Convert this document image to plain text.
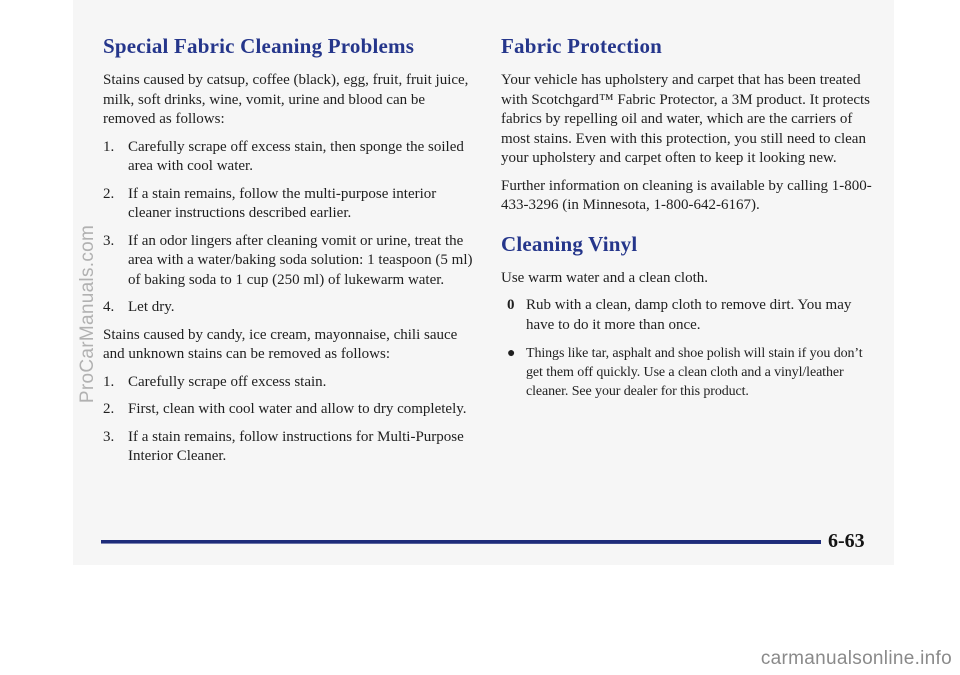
Special Fabric Cleaning Problems

Stains caused by catsup, coffee (black), egg, fruit, fruit juice, milk, soft drinks, wine, vomit, urine and blood can be removed as follows:

1. Carefully scrape off excess stain, then sponge the soiled area with cool water.
2. If a stain remains, follow the multi-purpose interior cleaner instructions described earlier.
3. If an odor lingers after cleaning vomit or urine, treat the area with a water/baking soda solution: 1 teaspoon (5 ml) of baking soda to 1 cup (250 ml) of lukewarm water.
4. Let dry.

Stains caused by candy, ice cream, mayonnaise, chili sauce and unknown stains can be removed as follows:

1. Carefully scrape off excess stain.
2. First, clean with cool water and allow to dry completely.
3. If a stain remains, follow instructions for Multi-Purpose Interior Cleaner.
Fabric Protection

Your vehicle has upholstery and carpet that has been treated with Scotchgard™ Fabric Protector, a 3M product. It protects fabrics by repelling oil and water, which are the carriers of most stains. Even with this protection, you still need to clean your upholstery and carpet often to keep it looking new.

Further information on cleaning is available by calling 1-800-433-3296 (in Minnesota, 1-800-642-6167).

Cleaning Vinyl

Use warm water and a clean cloth.

0 Rub with a clean, damp cloth to remove dirt. You may have to do it more than once.
● Things like tar, asphalt and shoe polish will stain if you don’t get them off quickly. Use a clean cloth and a vinyl/leather cleaner. See your dealer for this product.
6-63
ProCarManuals.com
carmanualsonline.info
